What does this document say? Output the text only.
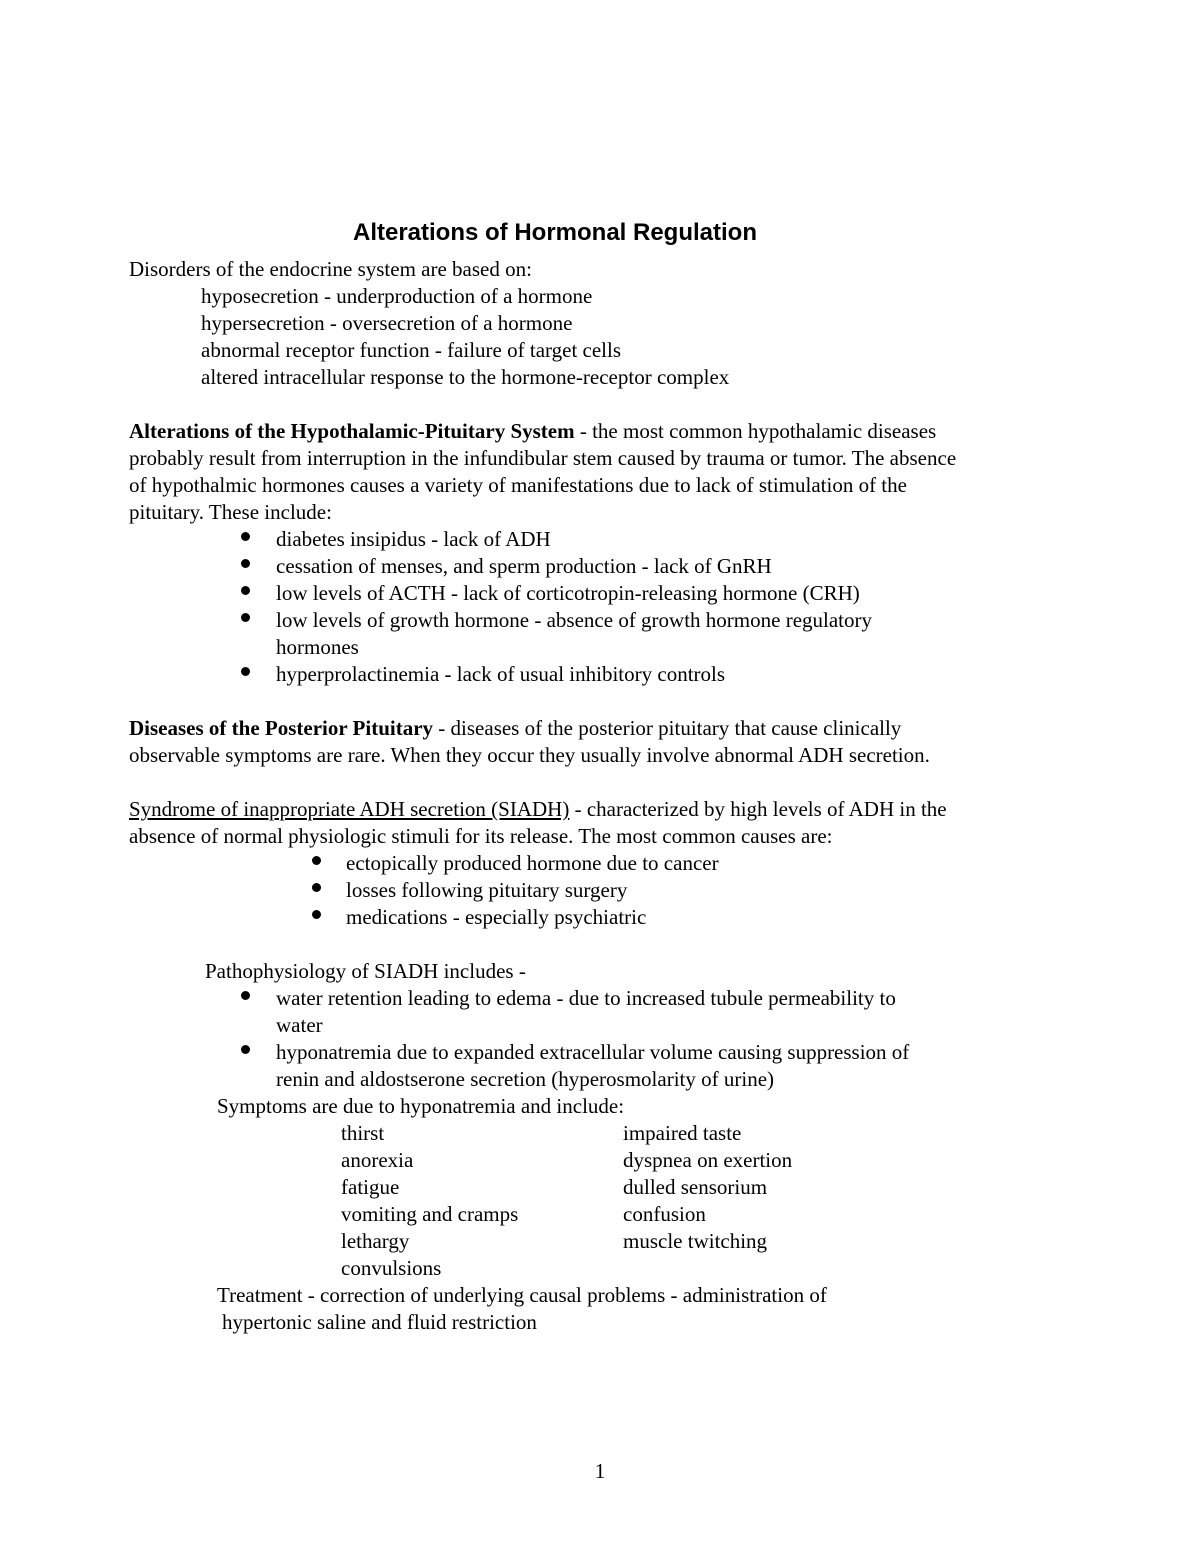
Alterations of Hormonal Regulation
Disorders of the endocrine system are based on:
hyposecretion - underproduction of a hormone
hypersecretion - oversecretion of a hormone
abnormal receptor function - failure of target cells
altered intracellular response to the hormone-receptor complex
Alterations of the Hypothalamic-Pituitary System - the most common hypothalamic diseases
probably result from interruption in the infundibular stem caused by trauma or tumor. The absence
of hypothalmic hormones causes a variety of manifestations due to lack of stimulation of the
pituitary. These include:
diabetes insipidus - lack of ADH
cessation of menses, and sperm production - lack of GnRH
low levels of ACTH - lack of corticotropin-releasing hormone (CRH)
low levels of growth hormone - absence of growth hormone regulatory
hormones
hyperprolactinemia - lack of usual inhibitory controls
Diseases of the Posterior Pituitary - diseases of the posterior pituitary that cause clinically
observable symptoms are rare. When they occur they usually involve abnormal ADH secretion.
Syndrome of inappropriate ADH secretion (SIADH) - characterized by high levels of ADH in the
absence of normal physiologic stimuli for its release. The most common causes are:
ectopically produced hormone due to cancer
losses following pituitary surgery
medications - especially psychiatric
Pathophysiology of SIADH includes -
water retention leading to edema - due to increased tubule permeability to
water
hyponatremia due to expanded extracellular volume causing suppression of
renin and aldostserone secretion (hyperosmolarity of urine)
Symptoms are due to hyponatremia and include:
thirst
anorexia
fatigue
vomiting and cramps
lethargy
convulsions
impaired taste
dyspnea on exertion
dulled sensorium
confusion
muscle twitching
Treatment - correction of underlying causal problems - administration of
hypertonic saline and fluid restriction
1
